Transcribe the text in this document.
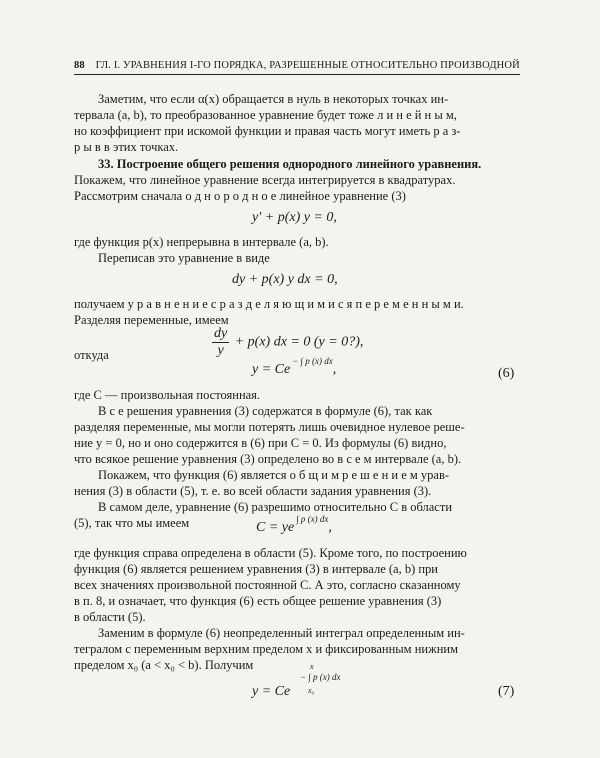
88 ГЛ. I. УРАВНЕНИЯ I-ГО ПОРЯДКА, РАЗРЕШЕННЫЕ ОТНОСИТЕЛЬНО ПРОИЗВОДНОЙ
Заметим, что если α(x) обращается в нуль в некоторых точках ин-
тервала (a, b), то преобразованное уравнение будет тоже л и н е й н ы м,
но коэффициент при искомой функции и правая часть могут иметь р а з-
р ы в в этих точках.
33. Построение общего решения однородного линейного уравнения.
Покажем, что линейное уравнение всегда интегрируется в квадратурах.
Рассмотрим сначала о д н о р о д н о е линейное уравнение (3)
y′ + p(x) y = 0,
где функция p(x) непрерывна в интервале (a, b).
Переписав это уравнение в виде
dy + p(x) y dx = 0,
получаем у р а в н е н и е с р а з д е л я ю щ и м и с я п е р е м е н н ы м и.
Разделяя переменные, имеем
$\frac{dy}{y} + p(x)$ dx = 0 (y = 0?),
откуда
$y = Ce^{- \int p (x) dx}$,	(6)
где C — произвольная постоянная.
В с е решения уравнения (3) содержатся в формуле (6), так как
разделяя переменные, мы могли потерять лишь очевидное нулевое реше-
ние y = 0, но и оно содержится в (6) при C = 0. Из формулы (6) видно,
что всякое решение уравнения (3) определено во в с е м интервале (a, b).
Покажем, что функция (6) является о б щ и м р е ш е н и е м урав-
нения (3) в области (5), т. е. во всей области задания уравнения (3).
В самом деле, уравнение (6) разрешимо относительно C в области
(5), так что мы имеем	$C = ye^{\int p (x) dx}$,
где функция справа определена в области (5). Кроме того, по построению
функция (6) является решением уравнения (3) в интервале (a, b) при
всех значениях произвольной постоянной C. А это, согласно сказанному
в п. 8, и означает, что функция (6) есть общее решение уравнения (3)
в области (5).
Заменим в формуле (6) неопределенный интеграл определенным ин-
тегралом с переменным верхним пределом x и фиксированным нижним
пределом x₀ (a < x₀ < b). Получим
y = Ce
− ∫ p (x) dx
x
x₀	(7)
